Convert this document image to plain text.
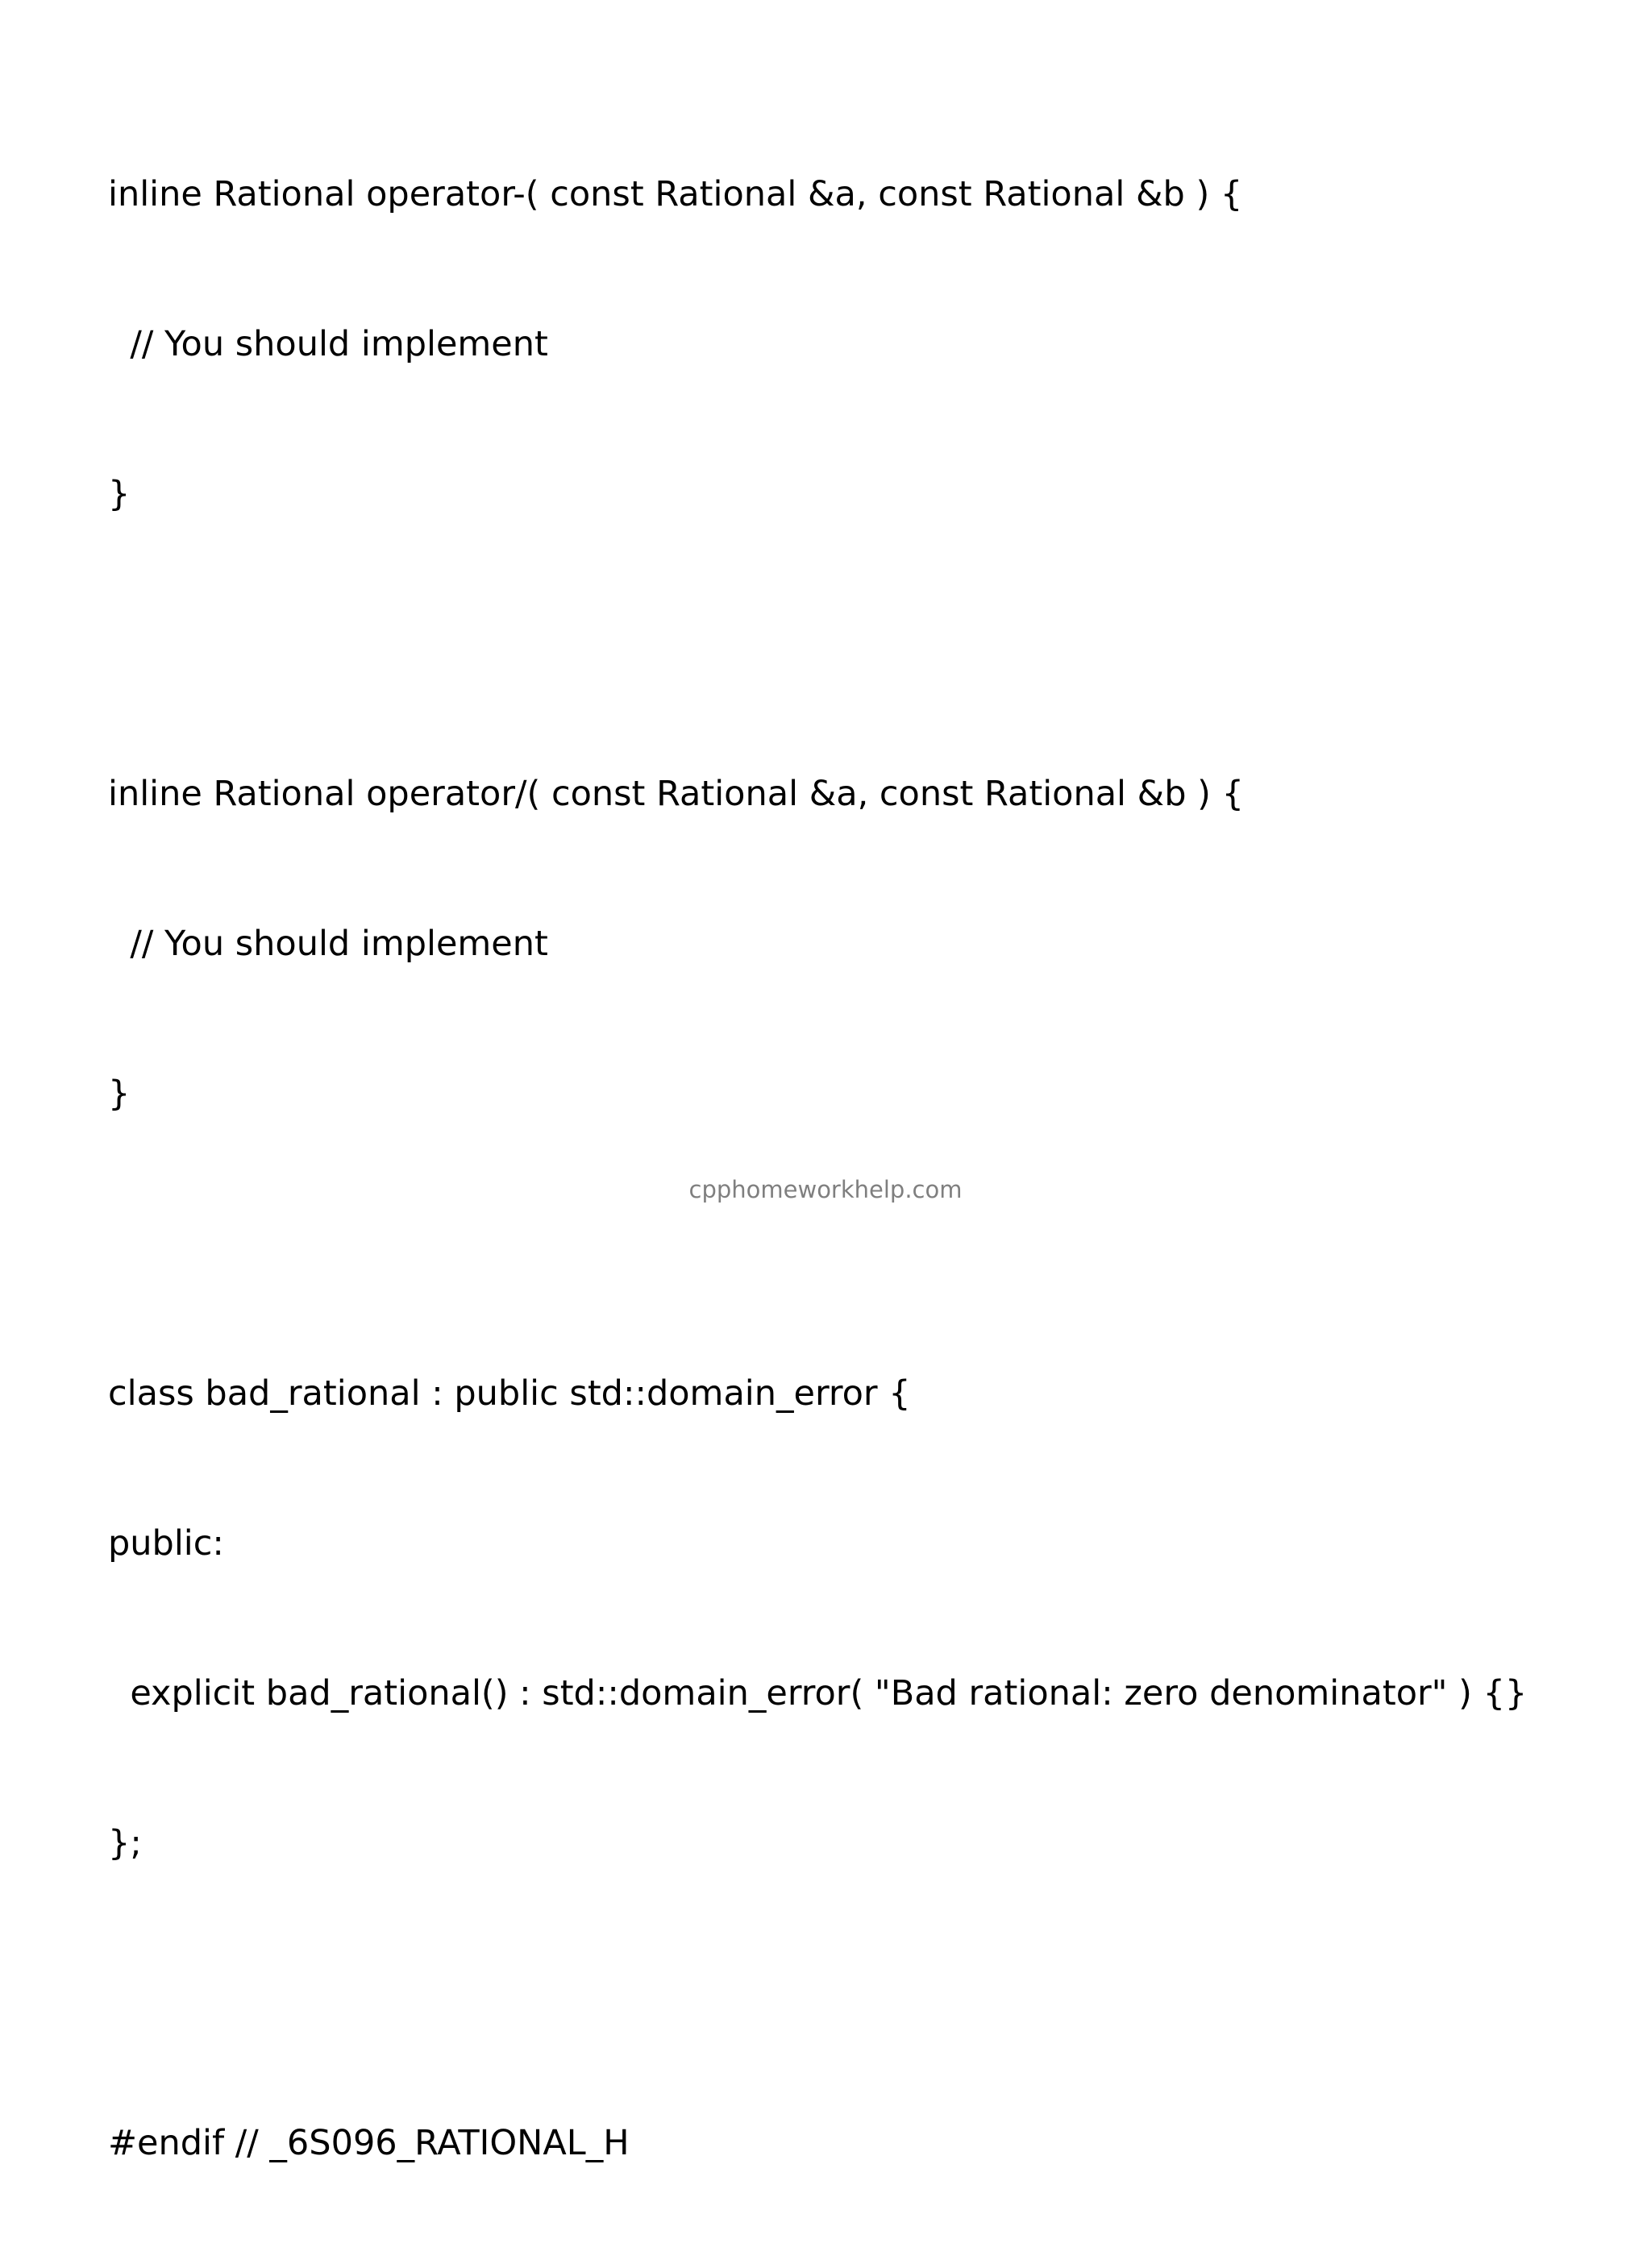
inline Rational operator-( const Rational &a, const Rational &b ) {

// You should implement

}

inline Rational operator/( const Rational &a, const Rational &b ) {

// You should implement

}

class bad_rational : public std::domain_error {

public:

explicit bad_rational() : std::domain_error( "Bad rational: zero denominator" ) {}

};

#endif // _6S096_RATIONAL_H

cpphomeworkhelp.com
